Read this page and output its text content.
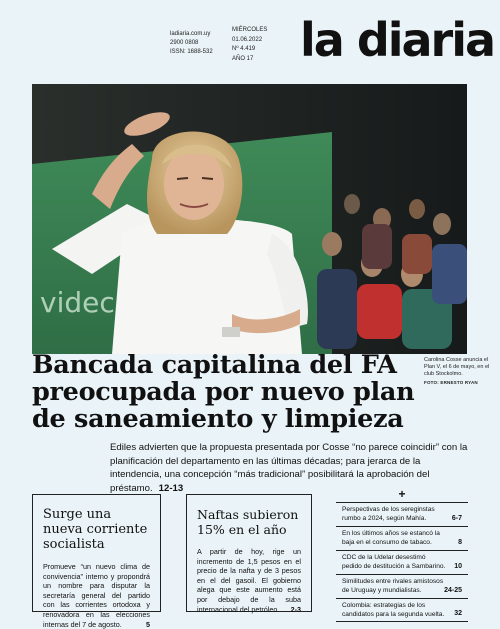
ladiaria.com.uy
2900 0808
ISSN: 1688-532
MIÉRCOLES
01.06.2022
Nº 4.419
AÑO 17	la diaria
videc
Bancada capitalina del FA preocupada por nuevo plan de saneamiento y limpieza
Carolina Cosse anuncia el Plan V, el 6 de mayo, en el club Stockolmo.
FOTO: ERNESTO RYAN
Ediles advierten que la propuesta presentada por Cosse “no parece coincidir” con la planificación del departamento en las últimas décadas; para jerarca de la intendencia, una concepción “más tradicional” posibilitará la aprobación del préstamo. 12-13
Surge una nueva corriente socialista

Promueve “un nuevo clima de convivencia” interno y propondrá un nombre para disputar la secretaría general del partido con las corrientes ortodoxa y renovadora en las elecciones internas del 7 de agosto.	5

Naftas subieron 15% en el año

A partir de hoy, rige un incremento de 1,5 pesos en el precio de la nafta y de 3 pesos en el del gasoil. El gobierno alega que este aumento está por debajo de la suba internacional del petróleo. 2-3

+
Perspectivas de los sereginstas rumbo a 2024, según Mahía.	6-7
En los últimos años se estancó la baja en el consumo de tabaco.	8
CDC de la Udelar desestimó pedido de destitución a Sambarino. 10
Similitudes entre rivales amistosos de Uruguay y mundialistas.	24-25
Colombia: estrategias de los candidatos para la segunda vuelta. 32
